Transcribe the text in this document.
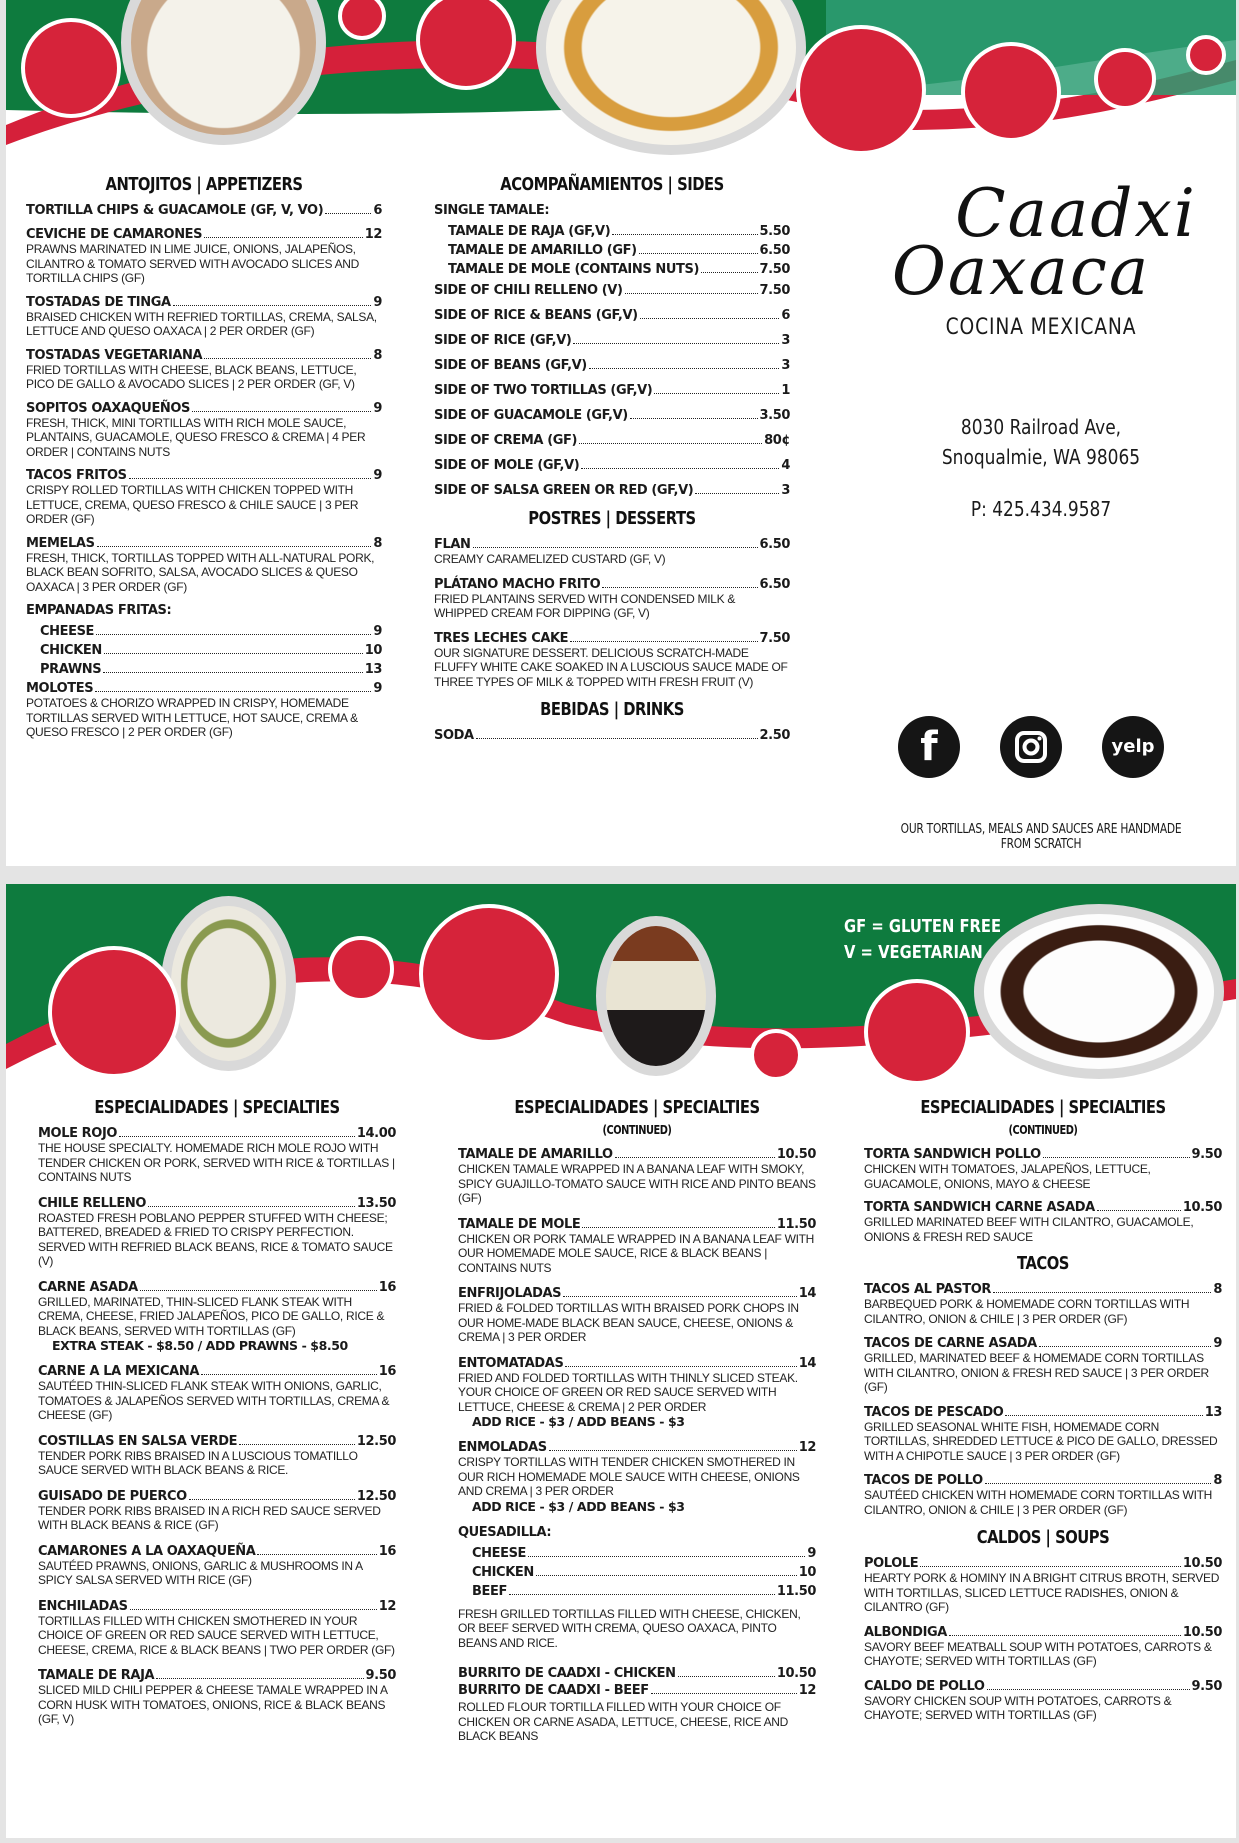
ANTOJITOS | APPETIZERS
TORTILLA CHIPS & GUACAMOLE (GF, V, VO)	6
CEVICHE DE CAMARONES	12
PRAWNS MARINATED IN LIME JUICE, ONIONS, JALAPEÑOS, CILANTRO & TOMATO SERVED WITH AVOCADO SLICES AND TORTILLA CHIPS (GF)
TOSTADAS DE TINGA	9
BRAISED CHICKEN WITH REFRIED TORTILLAS, CREMA, SALSA, LETTUCE AND QUESO OAXACA | 2 PER ORDER (GF)
TOSTADAS VEGETARIANA	8
FRIED TORTILLAS WITH CHEESE, BLACK BEANS, LETTUCE, PICO DE GALLO & AVOCADO SLICES | 2 PER ORDER (GF, V)
SOPITOS OAXAQUEÑOS	9
FRESH, THICK, MINI TORTILLAS WITH RICH MOLE SAUCE, PLANTAINS, GUACAMOLE, QUESO FRESCO & CREMA | 4 PER ORDER | CONTAINS NUTS
TACOS FRITOS	9
CRISPY ROLLED TORTILLAS WITH CHICKEN TOPPED WITH LETTUCE, CREMA, QUESO FRESCO & CHILE SAUCE | 3 PER ORDER (GF)
MEMELAS	8
FRESH, THICK, TORTILLAS TOPPED WITH ALL-NATURAL PORK, BLACK BEAN SOFRITO, SALSA, AVOCADO SLICES & QUESO OAXACA | 3 PER ORDER (GF)
EMPANADAS FRITAS:
CHEESE	9
CHICKEN	10
PRAWNS	13
MOLOTES	9
POTATOES & CHORIZO WRAPPED IN CRISPY, HOMEMADE TORTILLAS SERVED WITH LETTUCE, HOT SAUCE, CREMA & QUESO FRESCO | 2 PER ORDER (GF)
ACOMPAÑAMIENTOS | SIDES
SINGLE TAMALE:
TAMALE DE RAJA (GF,V)	5.50
TAMALE DE AMARILLO (GF)	6.50
TAMALE DE MOLE (CONTAINS NUTS)	7.50
SIDE OF CHILI RELLENO (V)	7.50
SIDE OF RICE & BEANS (GF,V)	6
SIDE OF RICE (GF,V)	3
SIDE OF BEANS (GF,V)	3
SIDE OF TWO TORTILLAS (GF,V)	1
SIDE OF GUACAMOLE (GF,V)	3.50
SIDE OF CREMA (GF)	80¢
SIDE OF MOLE (GF,V)	4
SIDE OF SALSA GREEN OR RED (GF,V)	3
POSTRES | DESSERTS
FLAN	6.50
CREAMY CARAMELIZED CUSTARD (GF, V)
PLÁTANO MACHO FRITO	6.50
FRIED PLANTAINS SERVED WITH CONDENSED MILK & WHIPPED CREAM FOR DIPPING (GF, V)
TRES LECHES CAKE	7.50
OUR SIGNATURE DESSERT. DELICIOUS SCRATCH-MADE FLUFFY WHITE CAKE SOAKED IN A LUSCIOUS SAUCE MADE OF THREE TYPES OF MILK & TOPPED WITH FRESH FRUIT (V)
BEBIDAS | DRINKS
SODA	2.50
Caadxi
Oaxaca
COCINA MEXICANA
8030 Railroad Ave,
Snoqualmie, WA 98065
P: 425.434.9587
f	yelp
OUR TORTILLAS, MEALS AND SAUCES ARE HANDMADE FROM SCRATCH
GF = GLUTEN FREE
V = VEGETARIAN
ESPECIALIDADES | SPECIALTIES
MOLE ROJO	14.00
THE HOUSE SPECIALTY. HOMEMADE RICH MOLE ROJO WITH TENDER CHICKEN OR PORK, SERVED WITH RICE & TORTILLAS | CONTAINS NUTS
CHILE RELLENO	13.50
ROASTED FRESH POBLANO PEPPER STUFFED WITH CHEESE; BATTERED, BREADED & FRIED TO CRISPY PERFECTION. SERVED WITH REFRIED BLACK BEANS, RICE & TOMATO SAUCE (V)
CARNE ASADA	16
GRILLED, MARINATED, THIN-SLICED FLANK STEAK WITH CREMA, CHEESE, FRIED JALAPEÑOS, PICO DE GALLO, RICE & BLACK BEANS, SERVED WITH TORTILLAS (GF)
EXTRA STEAK - $8.50 / ADD PRAWNS - $8.50
CARNE A LA MEXICANA	16
SAUTÉED THIN-SLICED FLANK STEAK WITH ONIONS, GARLIC, TOMATOES & JALAPEÑOS SERVED WITH TORTILLAS, CREMA & CHEESE (GF)
COSTILLAS EN SALSA VERDE	12.50
TENDER PORK RIBS BRAISED IN A LUSCIOUS TOMATILLO SAUCE SERVED WITH BLACK BEANS & RICE.
GUISADO DE PUERCO	12.50
TENDER PORK RIBS BRAISED IN A RICH RED SAUCE SERVED WITH BLACK BEANS & RICE (GF)
CAMARONES A LA OAXAQUEÑA	16
SAUTÉED PRAWNS, ONIONS, GARLIC & MUSHROOMS IN A SPICY SALSA SERVED WITH RICE (GF)
ENCHILADAS	12
TORTILLAS FILLED WITH CHICKEN SMOTHERED IN YOUR CHOICE OF GREEN OR RED SAUCE SERVED WITH LETTUCE, CHEESE, CREMA, RICE & BLACK BEANS | TWO PER ORDER (GF)
TAMALE DE RAJA	9.50
SLICED MILD CHILI PEPPER & CHEESE TAMALE WRAPPED IN A CORN HUSK WITH TOMATOES, ONIONS, RICE & BLACK BEANS (GF, V)
ESPECIALIDADES | SPECIALTIES (CONTINUED)
TAMALE DE AMARILLO	10.50
CHICKEN TAMALE WRAPPED IN A BANANA LEAF WITH SMOKY, SPICY GUAJILLO-TOMATO SAUCE WITH RICE AND PINTO BEANS (GF)
TAMALE DE MOLE	11.50
CHICKEN OR PORK TAMALE WRAPPED IN A BANANA LEAF WITH OUR HOMEMADE MOLE SAUCE, RICE & BLACK BEANS | CONTAINS NUTS
ENFRIJOLADAS	14
FRIED & FOLDED TORTILLAS WITH BRAISED PORK CHOPS IN OUR HOME-MADE BLACK BEAN SAUCE, CHEESE, ONIONS & CREMA | 3 PER ORDER
ENTOMATADAS	14
FRIED AND FOLDED TORTILLAS WITH THINLY SLICED STEAK. YOUR CHOICE OF GREEN OR RED SAUCE SERVED WITH LETTUCE, CHEESE & CREMA | 2 PER ORDER
ADD RICE - $3 / ADD BEANS - $3
ENMOLADAS	12
CRISPY TORTILLAS WITH TENDER CHICKEN SMOTHERED IN OUR RICH HOMEMADE MOLE SAUCE WITH CHEESE, ONIONS AND CREMA | 3 PER ORDER
ADD RICE - $3 / ADD BEANS - $3
QUESADILLA:
CHEESE	9
CHICKEN	10
BEEF	11.50
FRESH GRILLED TORTILLAS FILLED WITH CHEESE, CHICKEN, OR BEEF SERVED WITH CREMA, QUESO OAXACA, PINTO BEANS AND RICE.
BURRITO DE CAADXI - CHICKEN	10.50
BURRITO DE CAADXI - BEEF	12
ROLLED FLOUR TORTILLA FILLED WITH YOUR CHOICE OF CHICKEN OR CARNE ASADA, LETTUCE, CHEESE, RICE AND BLACK BEANS
ESPECIALIDADES | SPECIALTIES (CONTINUED)
TORTA SANDWICH POLLO	9.50
CHICKEN WITH TOMATOES, JALAPEÑOS, LETTUCE, GUACAMOLE, ONIONS, MAYO & CHEESE
TORTA SANDWICH CARNE ASADA	10.50
GRILLED MARINATED BEEF WITH CILANTRO, GUACAMOLE, ONIONS & FRESH RED SAUCE
TACOS
TACOS AL PASTOR	8
BARBEQUED PORK & HOMEMADE CORN TORTILLAS WITH CILANTRO, ONION & CHILE | 3 PER ORDER (GF)
TACOS DE CARNE ASADA	9
GRILLED, MARINATED BEEF & HOMEMADE CORN TORTILLAS WITH CILANTRO, ONION & FRESH RED SAUCE | 3 PER ORDER (GF)
TACOS DE PESCADO	13
GRILLED SEASONAL WHITE FISH, HOMEMADE CORN TORTILLAS, SHREDDED LETTUCE & PICO DE GALLO, DRESSED WITH A CHIPOTLE SAUCE | 3 PER ORDER (GF)
TACOS DE POLLO	8
SAUTÉED CHICKEN WITH HOMEMADE CORN TORTILLAS WITH CILANTRO, ONION & CHILE | 3 PER ORDER (GF)
CALDOS | SOUPS
POLOLE	10.50
HEARTY PORK & HOMINY IN A BRIGHT CITRUS BROTH, SERVED WITH TORTILLAS, SLICED LETTUCE RADISHES, ONION & CILANTRO (GF)
ALBONDIGA	10.50
SAVORY BEEF MEATBALL SOUP WITH POTATOES, CARROTS & CHAYOTE; SERVED WITH TORTILLAS (GF)
CALDO DE POLLO	9.50
SAVORY CHICKEN SOUP WITH POTATOES, CARROTS & CHAYOTE; SERVED WITH TORTILLAS (GF)
